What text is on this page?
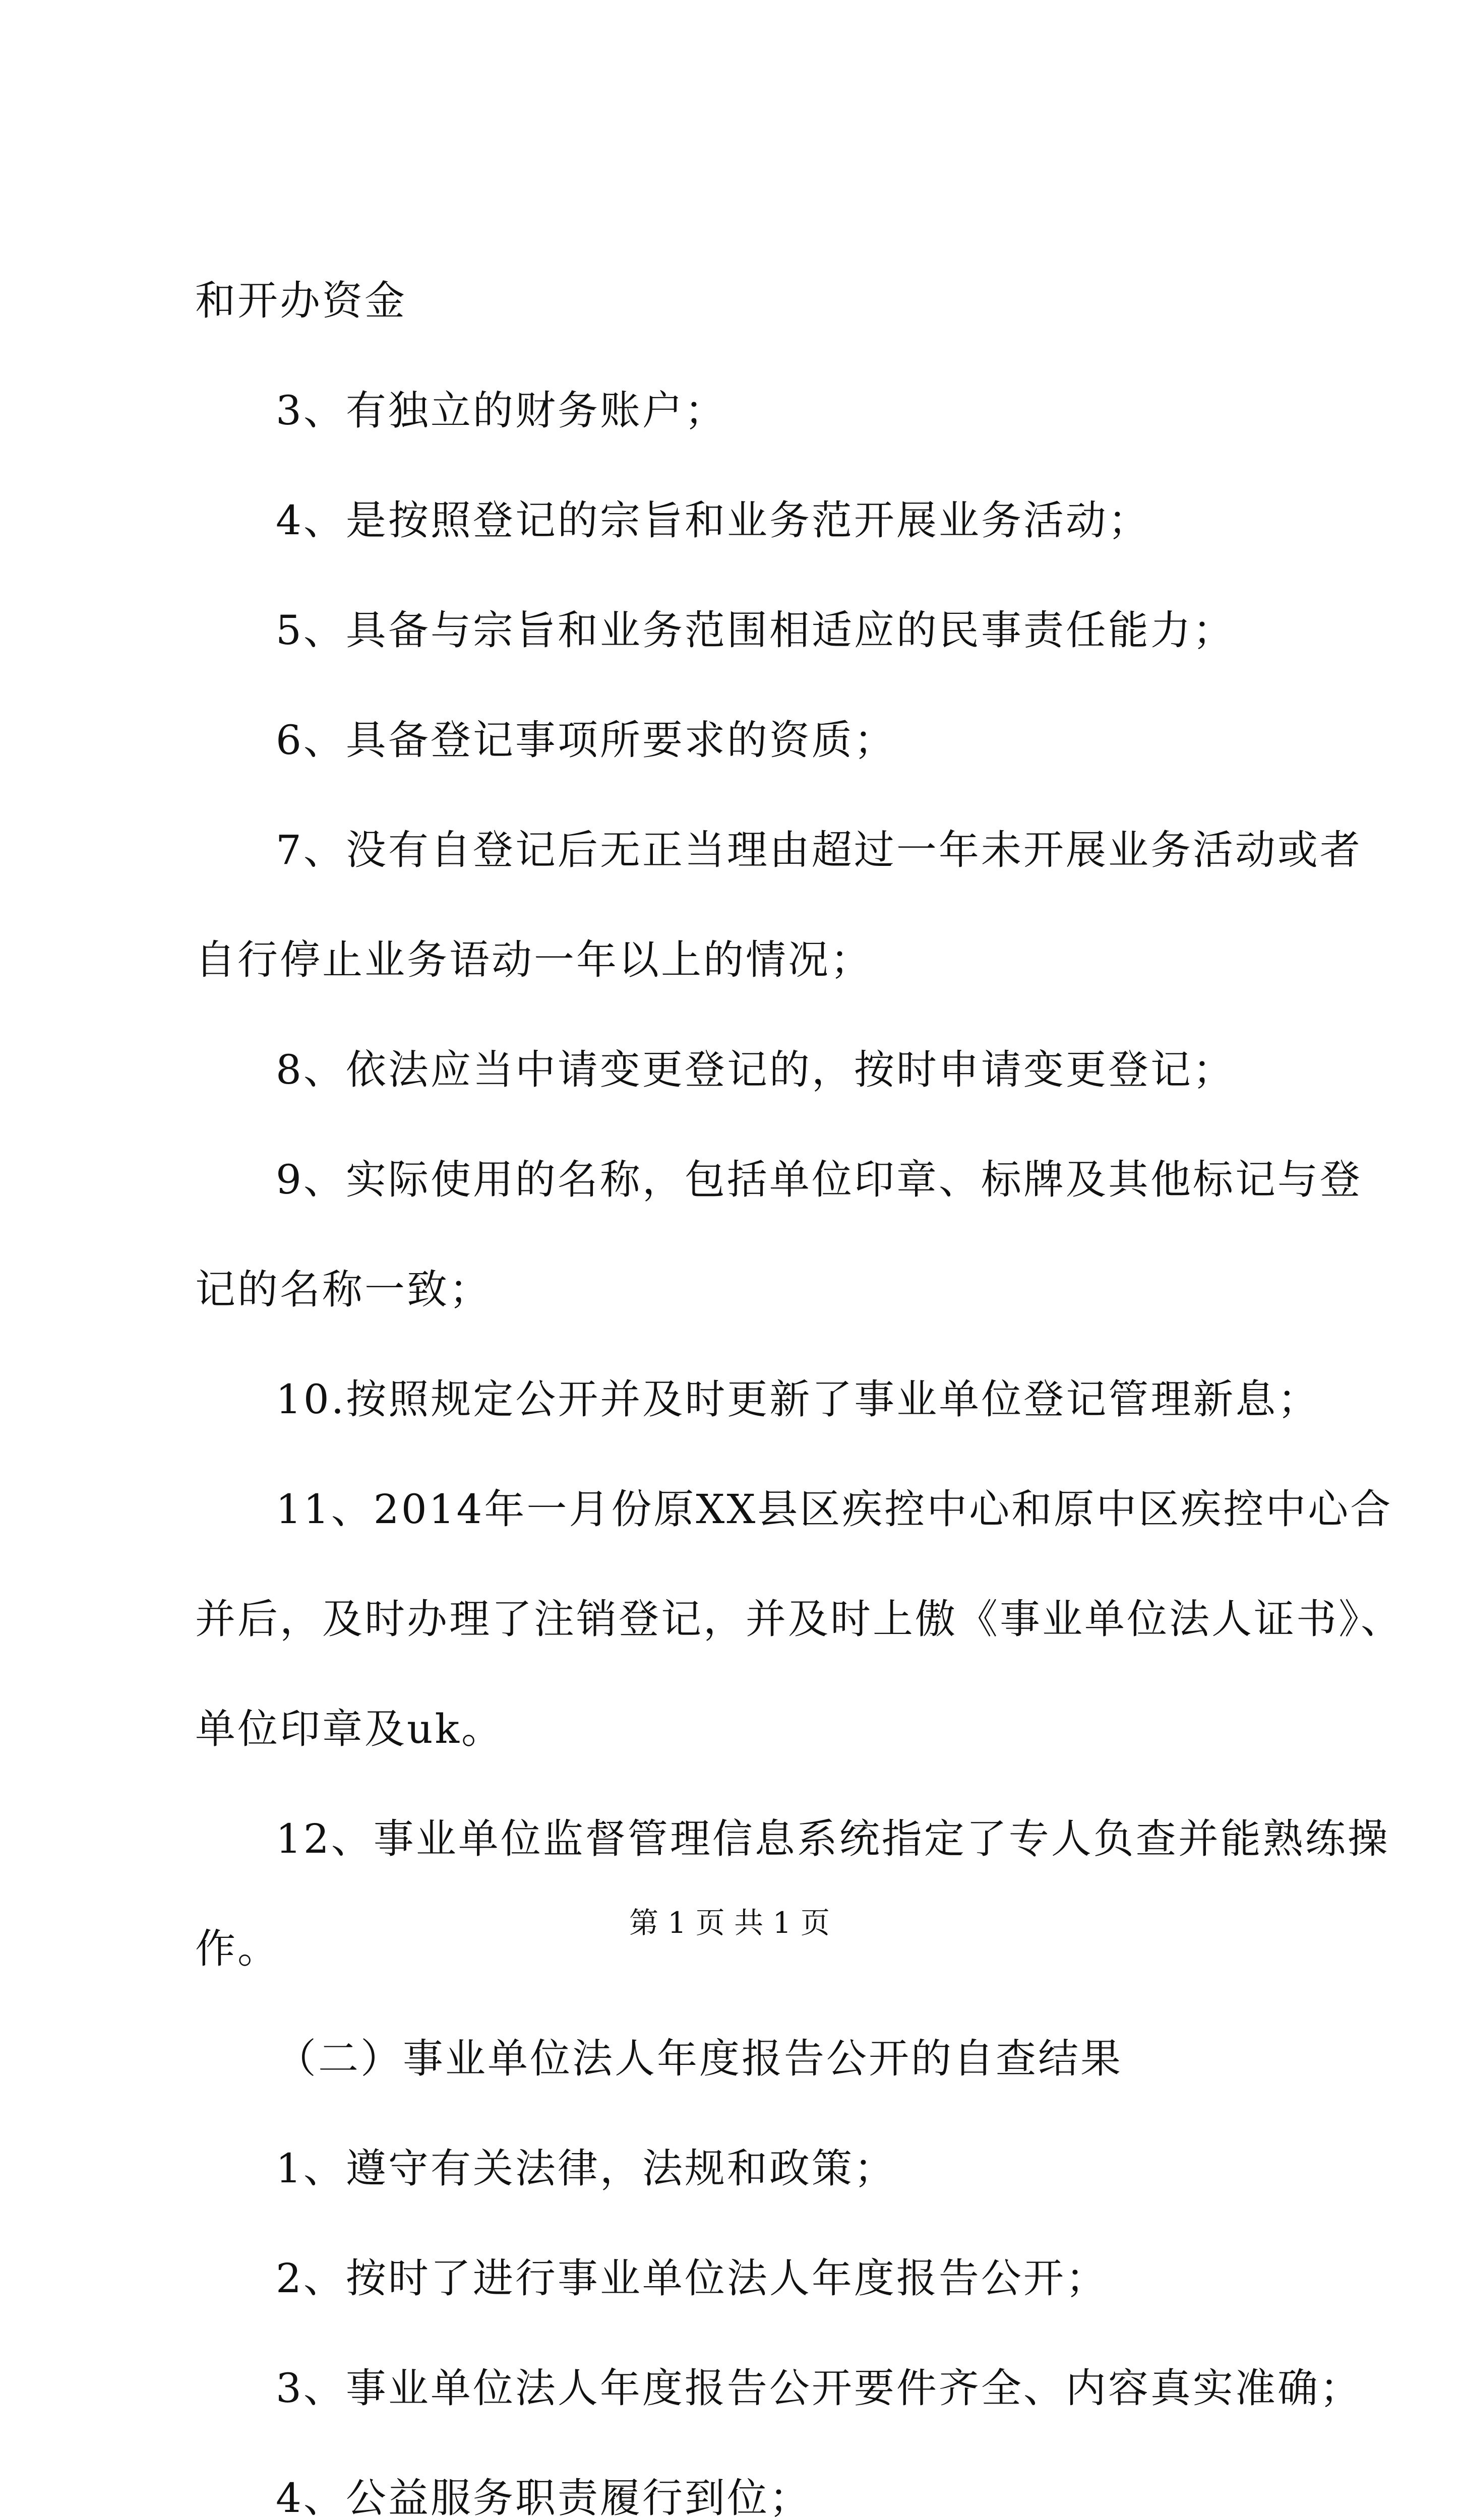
和开办资金
3、有独立的财务账户；
4、是按照登记的宗旨和业务范开展业务活动；
5、具备与宗旨和业务范围相适应的民事责任能力；
6、具备登记事项所要求的资质；
7、没有自登记后无正当理由超过一年未开展业务活动或者
自行停止业务语动一年以上的情况；
8、依法应当中请变更登记的，按时申请变更登记；
9、实际使用的名称，包括单位印章、标牌及其他标记与登
记的名称一致；
10.按照规定公开并及时更新了事业单位登记管理新息；
11、2014年一月份原XX县区疾控中心和原中区疾控中心合
并后，及时办理了注销登记，并及时上傲《事业单位法人证书》、
单位印章及uk。
12、事业单位监督管理信息系统指定了专人负查并能熟练操
作。
（二）事业单位法人年度报告公开的自查结果
1、遵守有关法律，法规和政策；
2、按时了进行事业单位法人年度报告公开；
3、事业单位法人年度报告公开要件齐全、内容真实准确；
4、公益服务职责履行到位；
第 1 页 共 1 页
